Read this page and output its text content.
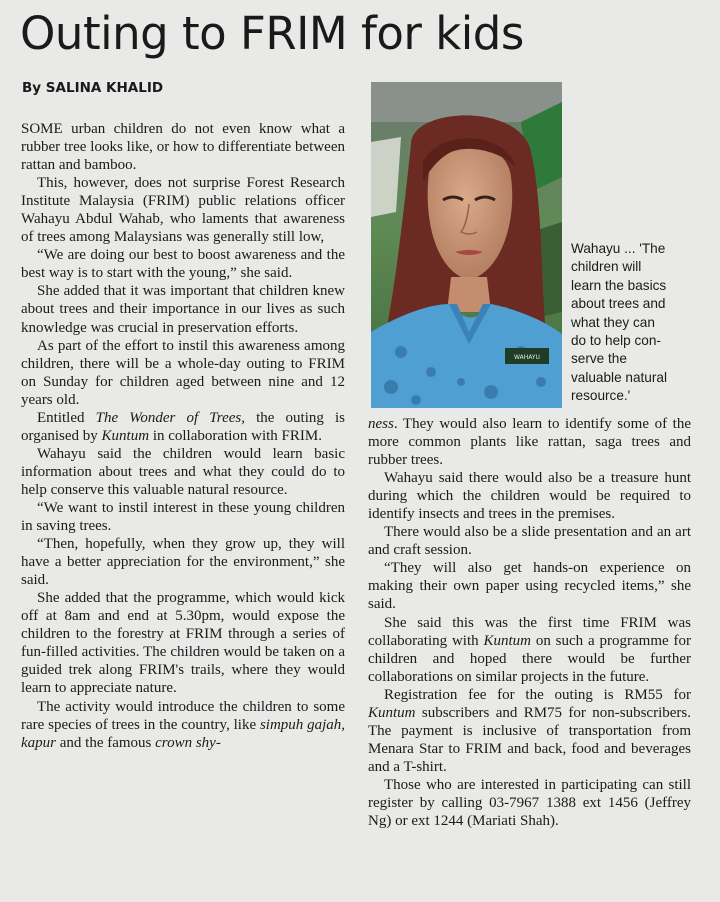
Outing to FRIM for kids
By SALINA KHALID

SOME urban children do not even know what a rubber tree looks like, or how to differentiate between rattan and bamboo.

This, however, does not surprise Forest Research Institute Malaysia (FRIM) public relations officer Wahayu Abdul Wahab, who laments that awareness of trees among Malaysians was generally still low,

“We are doing our best to boost awareness and the best way is to start with the young,” she said.

She added that it was important that children knew about trees and their importance in our lives as such knowledge was crucial in preservation efforts.

As part of the effort to instil this awareness among children, there will be a whole-day outing to FRIM on Sunday for children aged between nine and 12 years old.

Entitled The Wonder of Trees, the outing is organised by Kuntum in collaboration with FRIM.

Wahayu said the children would learn basic information about trees and what they could do to help conserve this valuable natural resource.

“We want to instil interest in these young children in saving trees.

“Then, hopefully, when they grow up, they will have a better appreciation for the environment,” she said.

She added that the programme, which would kick off at 8am and end at 5.30pm, would expose the children to the forestry at FRIM through a series of fun-filled activities. The children would be taken on a guided trek along FRIM's trails, where they would learn to appreciate nature.

The activity would introduce the children to some rare species of trees in the country, like simpuh gajah, kapur and the famous crown shy-

WAHAYU
Wahayu ... 'The
children will
learn the basics
about trees and
what they can
do to help con-
serve the
valuable natural
resource.'

ness. They would also learn to identify some of the more common plants like rattan, saga trees and rubber trees.

Wahayu said there would also be a treasure hunt during which the children would be required to identify insects and trees in the premises.

There would also be a slide presentation and an art and craft session.

“They will also get hands-on experience on making their own paper using recycled items,” she said.

She said this was the first time FRIM was collaborating with Kuntum on such a programme for children and hoped there would be further collaborations on similar projects in the future.

Registration fee for the outing is RM55 for Kuntum subscribers and RM75 for non-subscribers. The payment is inclusive of transportation from Menara Star to FRIM and back, food and beverages and a T-shirt.

Those who are interested in participating can still register by calling 03-7967 1388 ext 1456 (Jeffrey Ng) or ext 1244 (Mariati Shah).
